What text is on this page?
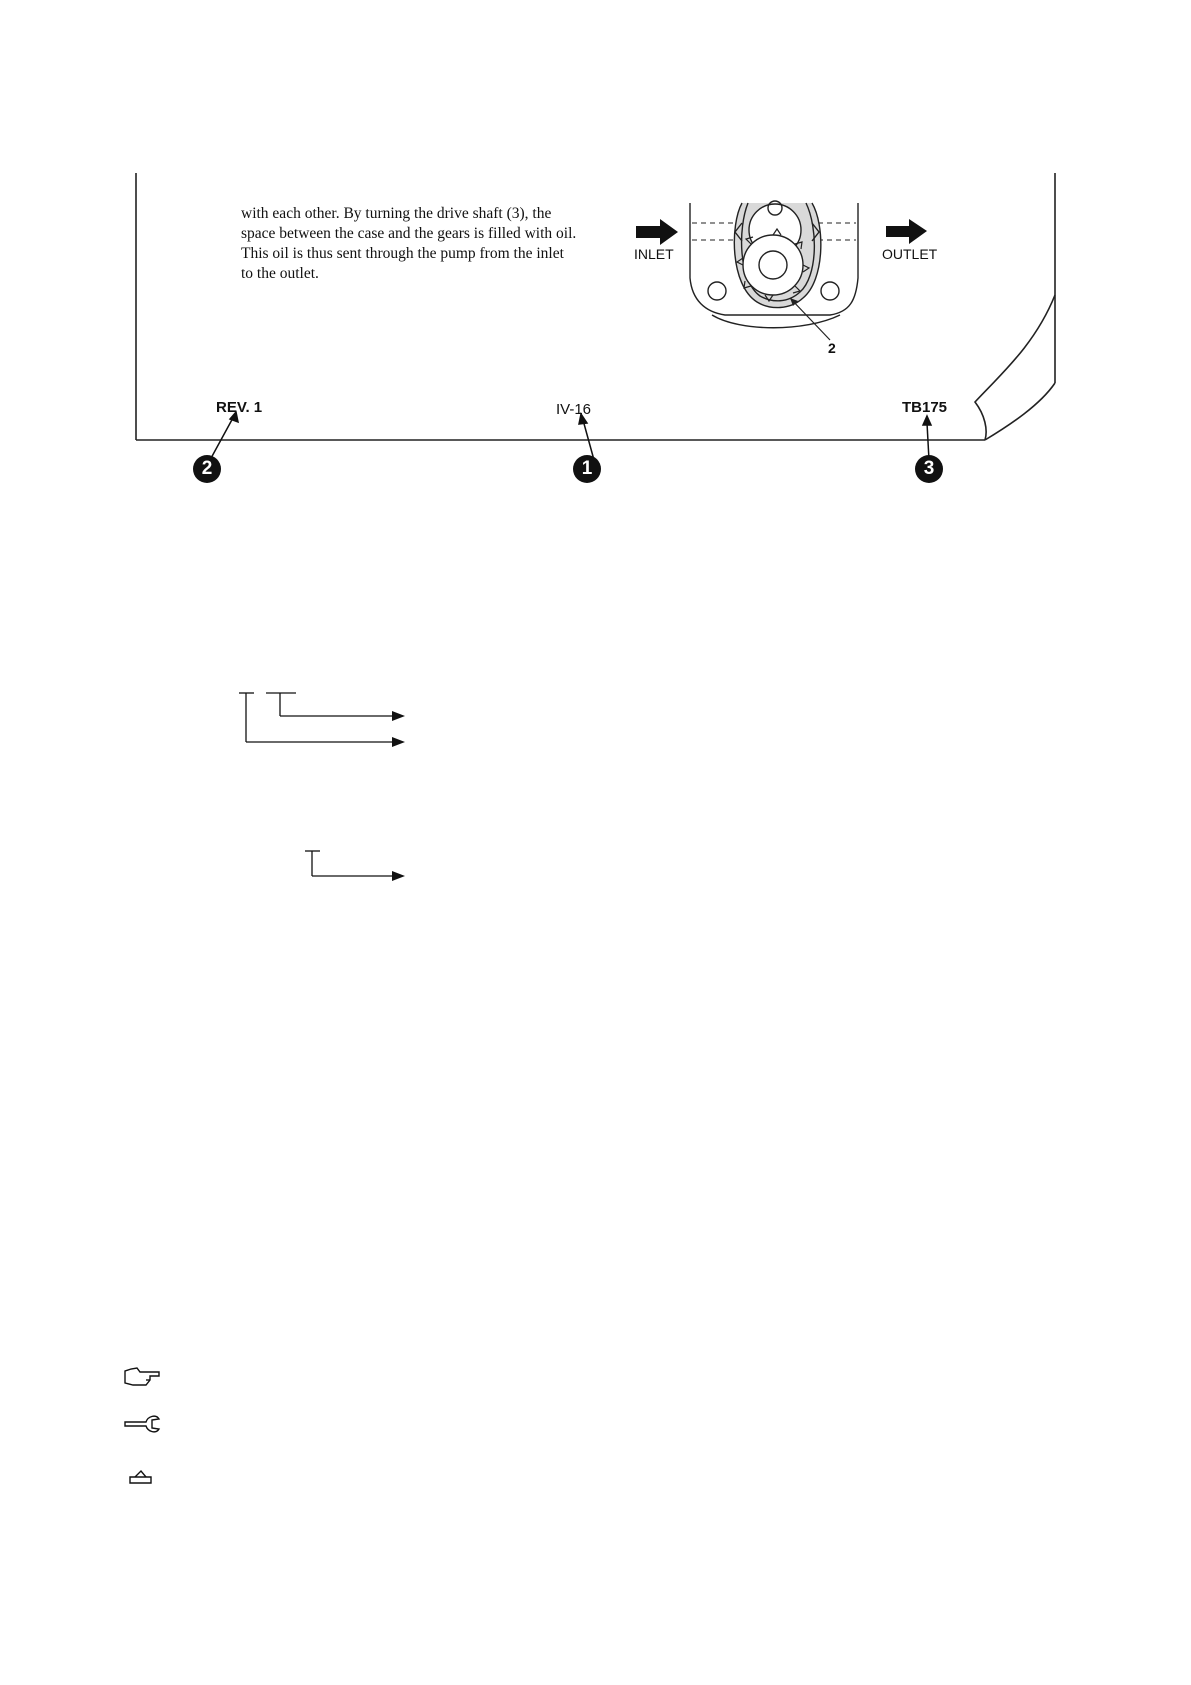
with each other. By turning the drive shaft (3), the
space between the case and the gears is filled with oil.
This oil is thus sent through the pump from the inlet
to the outlet.
INLET	OUTLET
2
REV. 1	IV-16	TB175
2	1	3
